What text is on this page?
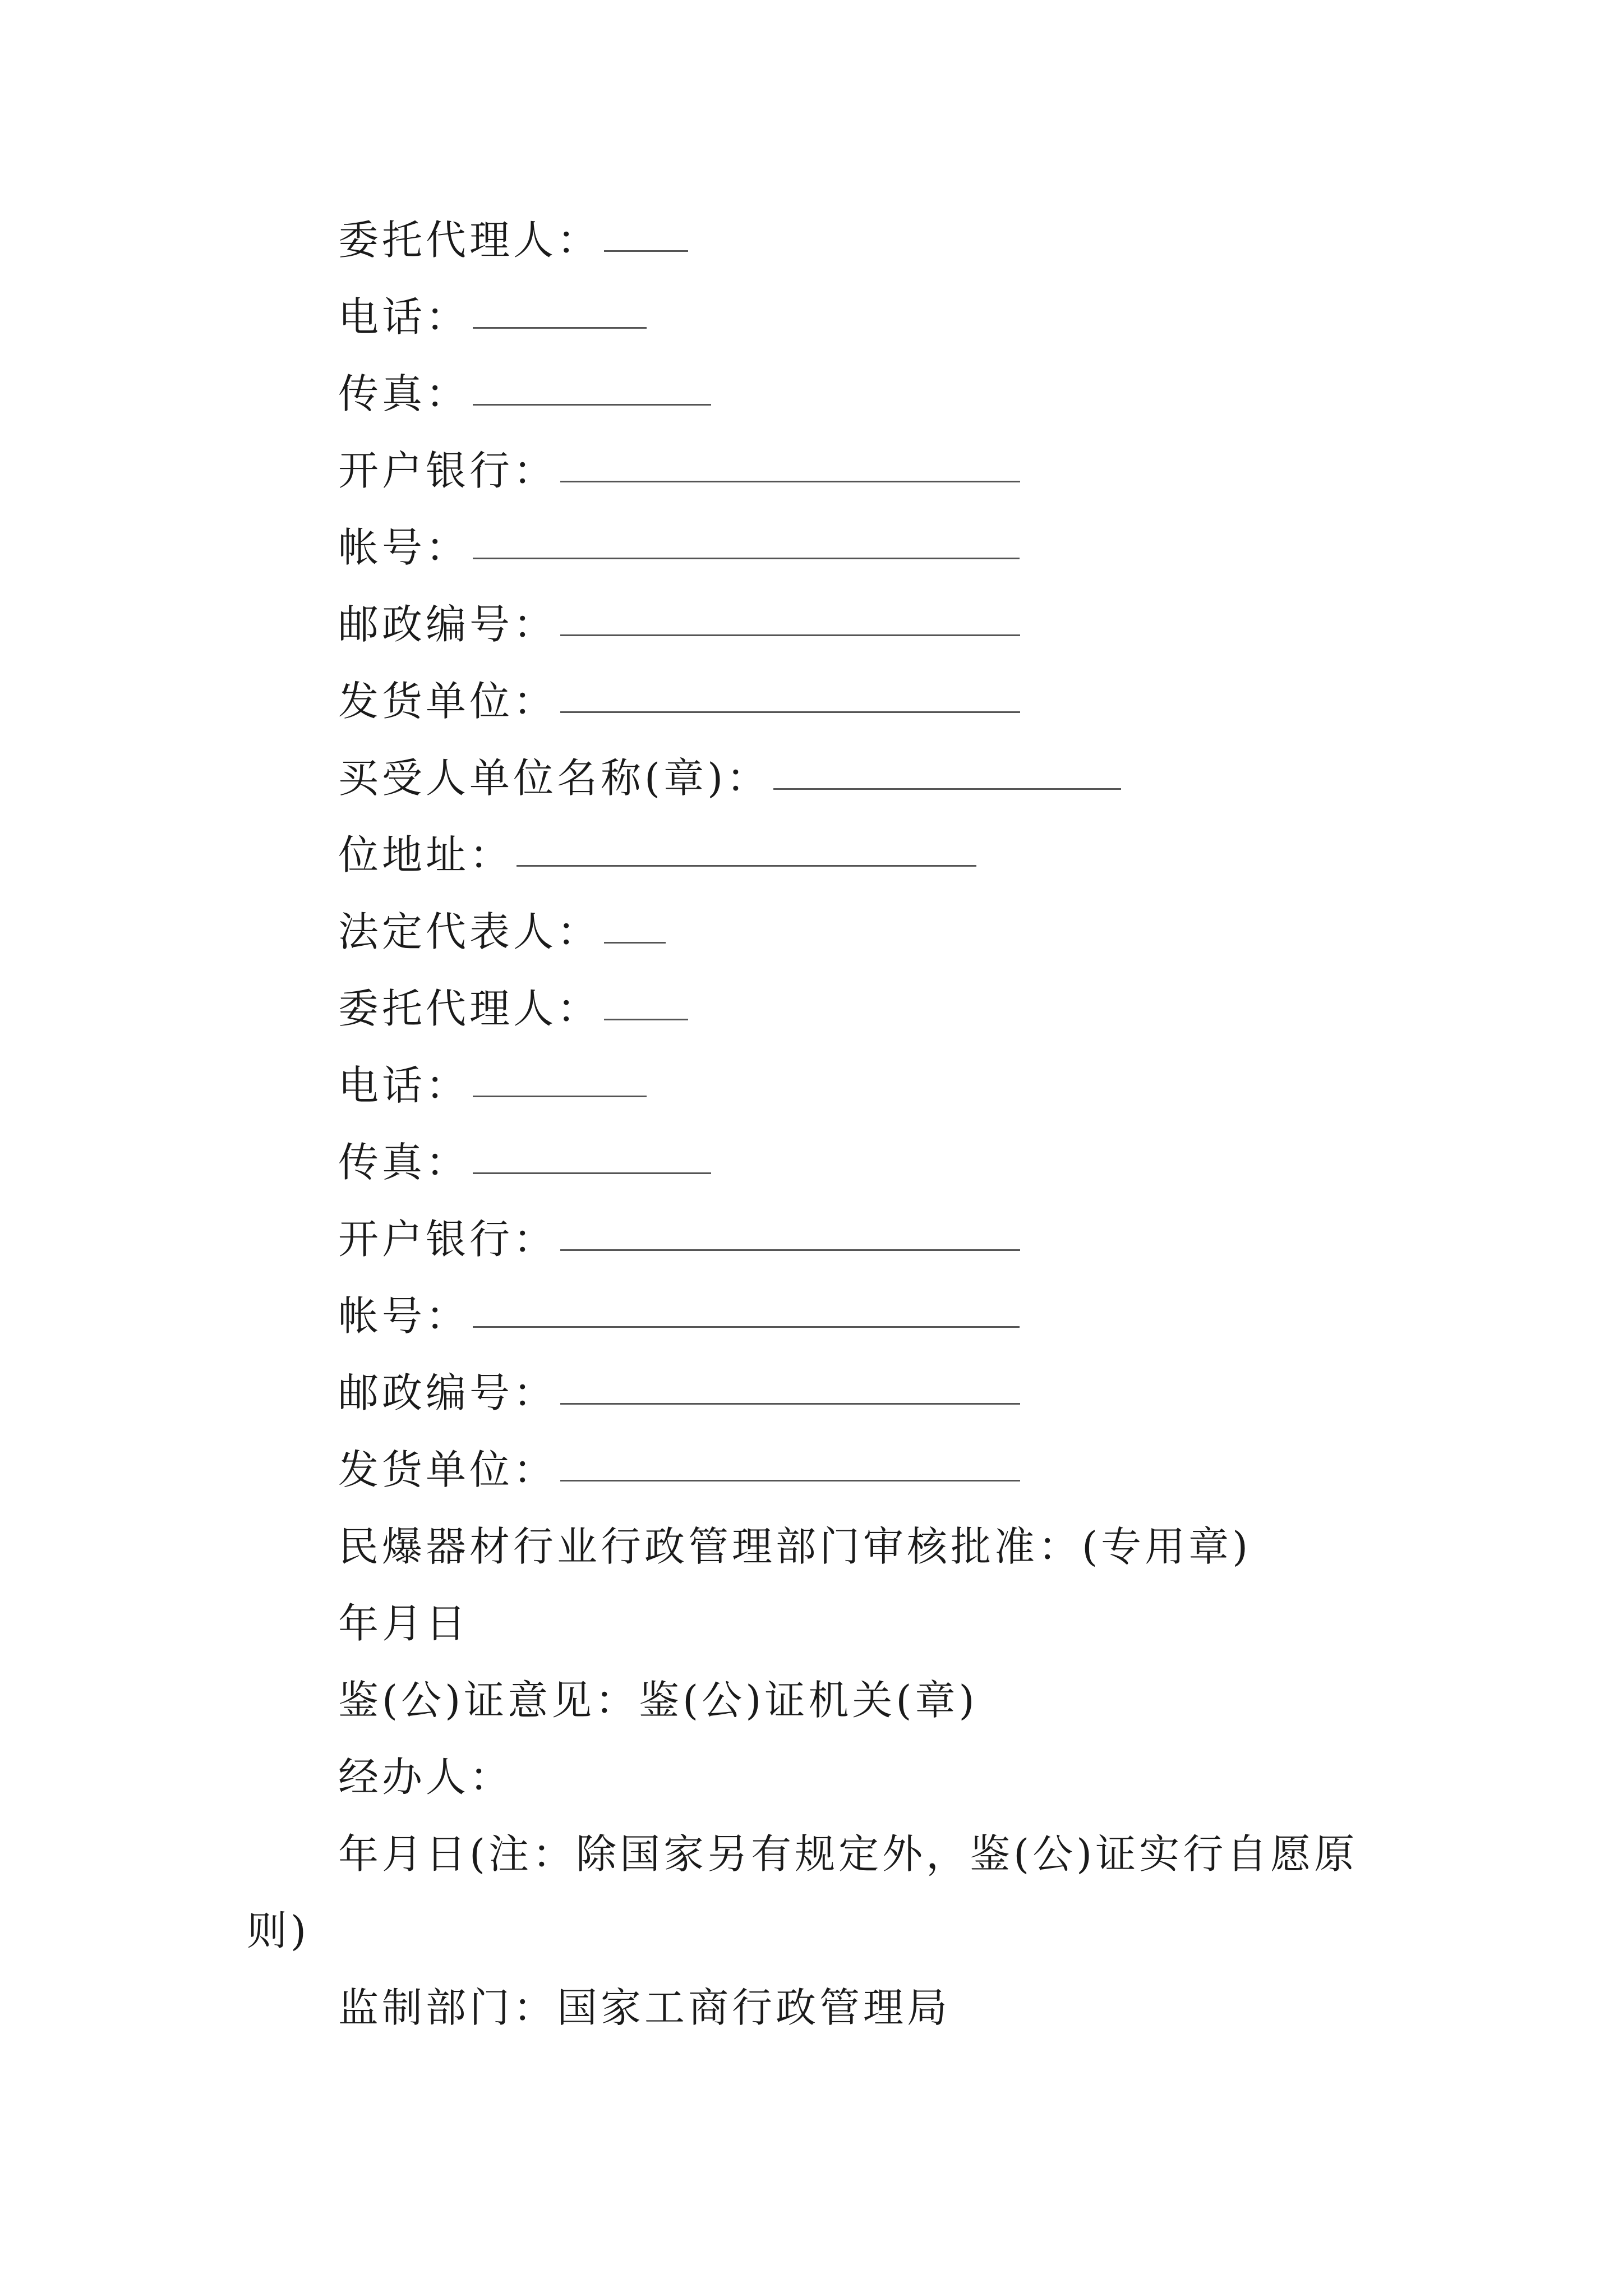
委托代理人：
电话：
传真：
开户银行：
帐号：
邮政编号：
发货单位：
买受人单位名称(章)：
位地址：
法定代表人：
委托代理人：
电话：
传真：
开户银行：
帐号：
邮政编号：
发货单位：
民爆器材行业行政管理部门审核批准：(专用章)
年月日
鉴(公)证意见：鉴(公)证机关(章)
经办人：
年月日(注：除国家另有规定外，鉴(公)证实行自愿原
则)
监制部门：国家工商行政管理局
